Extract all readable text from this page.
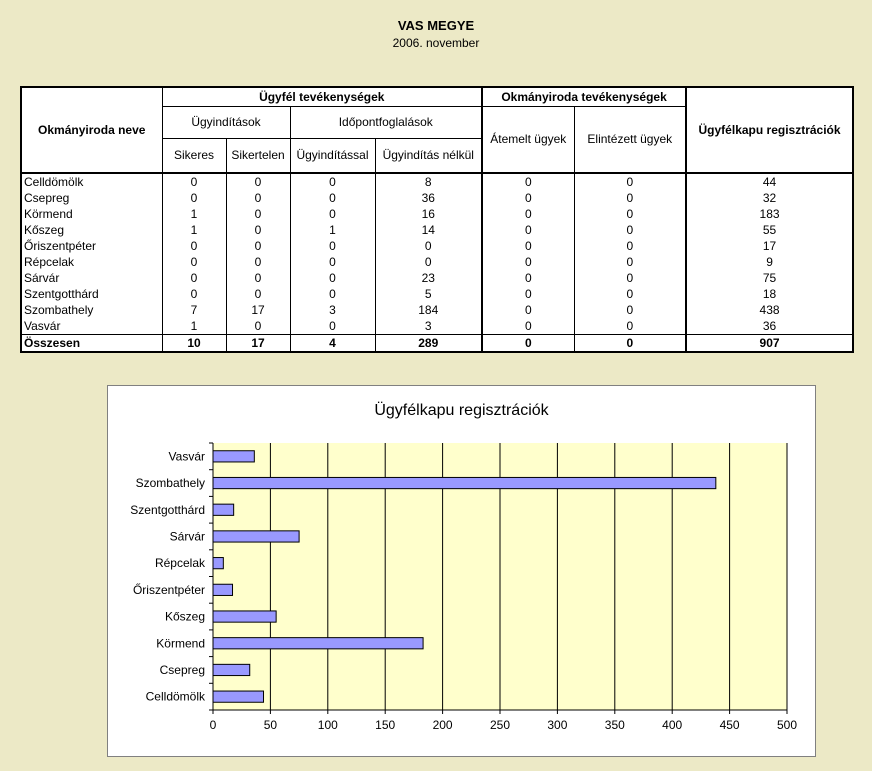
VAS MEGYE
2006. november
Okmányiroda neve	Ügyfél tevékenységek				Okmányiroda tevékenységek		Ügyfélkapu regisztrációk
	Ügyindítások		Időpontfoglalások		Átemelt ügyek	Elintézett ügyek	
	Sikeres	Sikertelen	Ügyindítással	Ügyindítás nélkül			
Celldömölk	0	0	0	8	0	0	44
Csepreg	0	0	0	36	0	0	32
Körmend	1	0	0	16	0	0	183
Kőszeg	1	0	1	14	0	0	55
Őriszentpéter	0	0	0	0	0	0	17
Répcelak	0	0	0	0	0	0	9
Sárvár	0	0	0	23	0	0	75
Szentgotthárd	0	0	0	5	0	0	18
Szombathely	7	17	3	184	0	0	438
Vasvár	1	0	0	3	0	0	36
Összesen	10	17	4	289	0	0	907
Ügyfélkapu regisztrációk
0	50	100	150	200	250	300	350	400	450	500
Vasvár
Szombathely
Szentgotthárd
Sárvár
Répcelak
Őriszentpéter
Kőszeg
Körmend
Csepreg
Celldömölk
